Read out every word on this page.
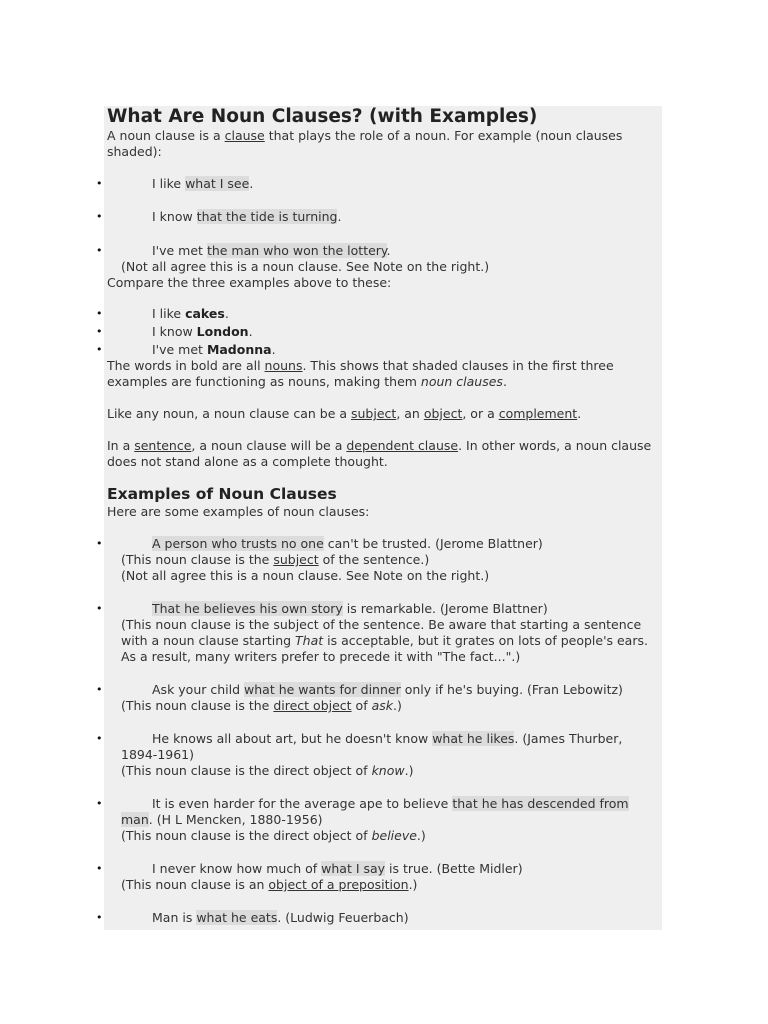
What Are Noun Clauses? (with Examples)

A noun clause is a clause that plays the role of a noun. For example (noun clauses shaded):

•	I like what I see.
•	I know that the tide is turning.
•	I've met the man who won the lottery.
(Not all agree this is a noun clause. See Note on the right.)

Compare the three examples above to these:

•	I like cakes.
•	I know London.
•	I've met Madonna.

The words in bold are all nouns. This shows that shaded clauses in the first three examples are functioning as nouns, making them noun clauses.

Like any noun, a noun clause can be a subject, an object, or a complement.

In a sentence, a noun clause will be a dependent clause. In other words, a noun clause does not stand alone as a complete thought.

Examples of Noun Clauses

Here are some examples of noun clauses:

•	A person who trusts no one can't be trusted. (Jerome Blattner)
(This noun clause is the subject of the sentence.)
(Not all agree this is a noun clause. See Note on the right.)
•	That he believes his own story is remarkable. (Jerome Blattner)
(This noun clause is the subject of the sentence. Be aware that starting a sentence with a noun clause starting That is acceptable, but it grates on lots of people's ears. As a result, many writers prefer to precede it with "The fact...".)
•	Ask your child what he wants for dinner only if he's buying. (Fran Lebowitz)
(This noun clause is the direct object of ask.)
•	He knows all about art, but he doesn't know what he likes. (James Thurber, 1894-1961)
(This noun clause is the direct object of know.)
•	It is even harder for the average ape to believe that he has descended from man. (H L Mencken, 1880-1956)
(This noun clause is the direct object of believe.)
•	I never know how much of what I say is true. (Bette Midler)
(This noun clause is an object of a preposition.)
•	Man is what he eats. (Ludwig Feuerbach)
